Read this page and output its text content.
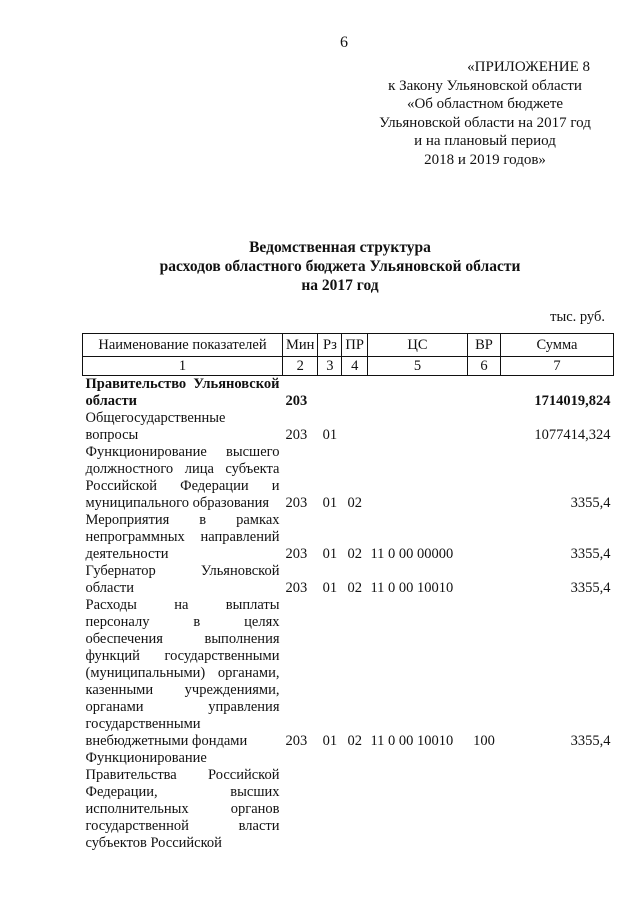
6
«ПРИЛОЖЕНИЕ 8
к Закону Ульяновской области
«Об областном бюджете
Ульяновской области на 2017 год
и на плановый период
2018 и 2019 годов»
Ведомственная структура
расходов областного бюджета Ульяновской области
на 2017 год
тыс. руб.
Наименование показателей	Мин	Рз	ПР	ЦС	ВР	Сумма
1	2	3	4	5	6	7
Правительство Ульяновской области	203					1714019,824
Общегосударственные вопросы	203	01				1077414,324
Функционирование высшего должностного лица субъекта Российской Федерации и муниципального образования	203	01	02			3355,4
Мероприятия в рамках непрограммных направлений деятельности	203	01	02	11 0 00 00000		3355,4
Губернатор Ульяновской области	203	01	02	11 0 00 10010		3355,4
Расходы на выплаты персоналу в целях обеспечения выполнения функций государственными (муниципальными) органами, казенными учреждениями, органами управления государственными внебюджетными фондами	203	01	02	11 0 00 10010	100	3355,4
Функционирование Правительства Российской Федерации, высших исполнительных органов государственной власти субъектов Российской						
